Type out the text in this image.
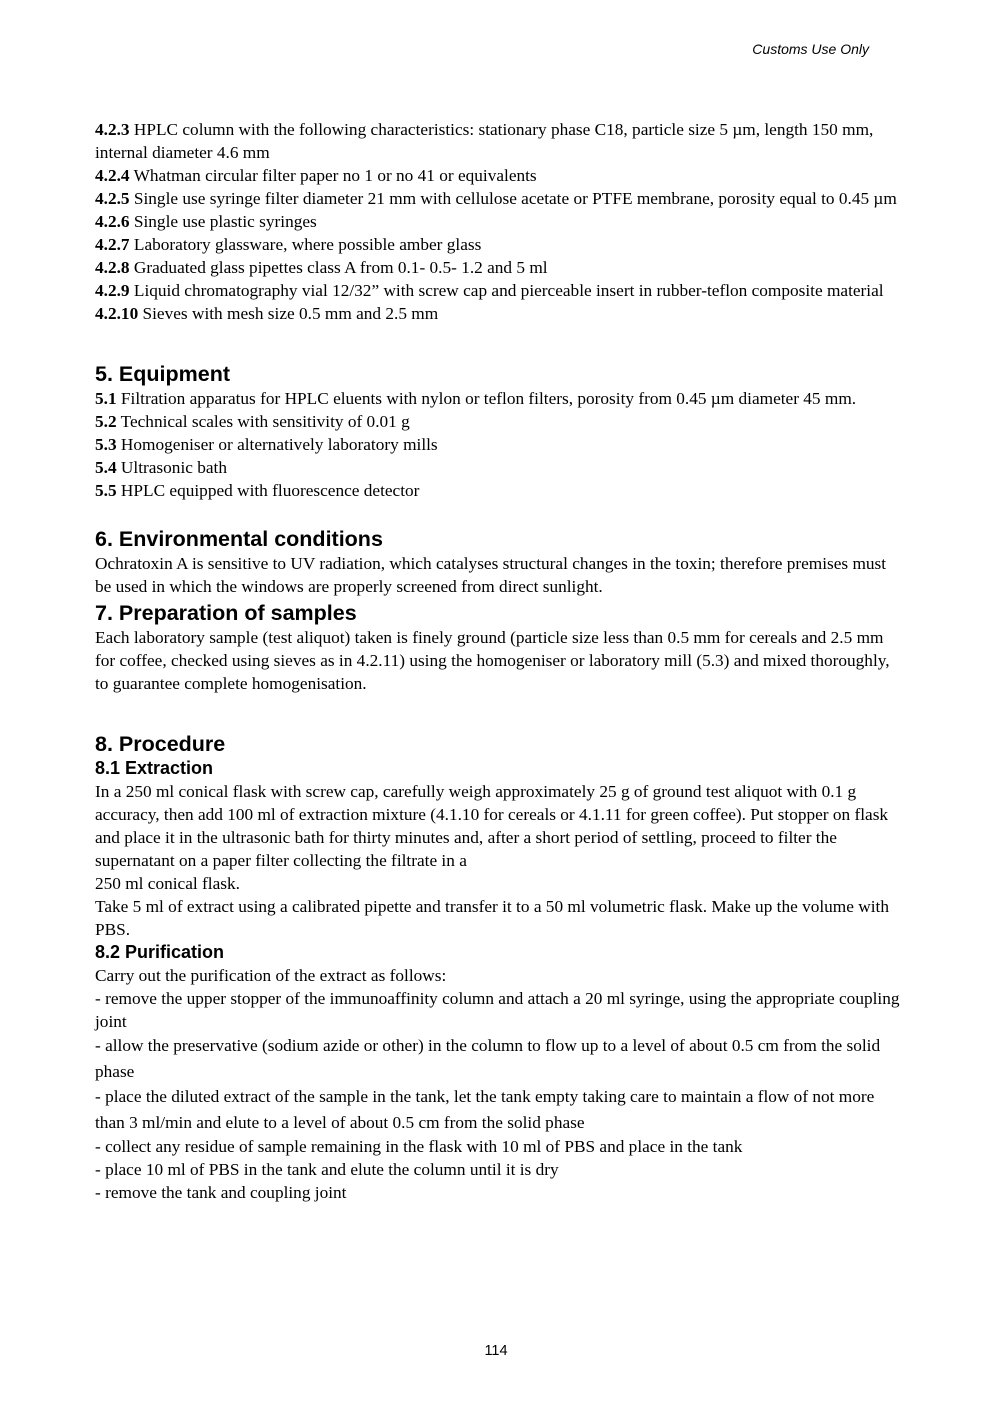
Customs Use Only

4.2.3 HPLC column with the following characteristics: stationary phase C18, particle size 5 µm, length 150 mm, internal diameter 4.6 mm

4.2.4 Whatman circular filter paper no 1 or no 41 or equivalents

4.2.5 Single use syringe filter diameter 21 mm with cellulose acetate or PTFE membrane, porosity equal to 0.45 µm

4.2.6 Single use plastic syringes

4.2.7 Laboratory glassware, where possible amber glass

4.2.8 Graduated glass pipettes class A from 0.1- 0.5- 1.2 and 5 ml

4.2.9 Liquid chromatography vial 12/32” with screw cap and pierceable insert in rubber-teflon composite material

4.2.10 Sieves with mesh size 0.5 mm and 2.5 mm

5. Equipment

5.1 Filtration apparatus for HPLC eluents with nylon or teflon filters, porosity from 0.45 µm diameter 45 mm.

5.2 Technical scales with sensitivity of 0.01 g

5.3 Homogeniser or alternatively laboratory mills

5.4 Ultrasonic bath

5.5 HPLC equipped with fluorescence detector

6. Environmental conditions

Ochratoxin A is sensitive to UV radiation, which catalyses structural changes in the toxin; therefore premises must be used in which the windows are properly screened from direct sunlight.

7. Preparation of samples

Each laboratory sample (test aliquot) taken is finely ground (particle size less than 0.5 mm for cereals and 2.5 mm for coffee, checked using sieves as in 4.2.11) using the homogeniser or laboratory mill (5.3) and mixed thoroughly, to guarantee complete homogenisation.

8. Procedure
8.1 Extraction

In a 250 ml conical flask with screw cap, carefully weigh approximately 25 g of ground test aliquot with 0.1 g accuracy, then add 100 ml of extraction mixture (4.1.10 for cereals or 4.1.11 for green coffee). Put stopper on flask and place it in the ultrasonic bath for thirty minutes and, after a short period of settling, proceed to filter the supernatant on a paper filter collecting the filtrate in a

250 ml conical flask.

Take 5 ml of extract using a calibrated pipette and transfer it to a 50 ml volumetric flask. Make up the volume with PBS.

8.2 Purification

Carry out the purification of the extract as follows:

- remove the upper stopper of the immunoaffinity column and attach a 20 ml syringe, using the appropriate coupling joint

- allow the preservative (sodium azide or other) in the column to flow up to a level of about 0.5 cm from the solid phase

- place the diluted extract of the sample in the tank, let the tank empty taking care to maintain a flow of not more than 3 ml/min and elute to a level of about 0.5 cm from the solid phase

- collect any residue of sample remaining in the flask with 10 ml of PBS and place in the tank

- place 10 ml of PBS in the tank and elute the column until it is dry

- remove the tank and coupling joint

114
